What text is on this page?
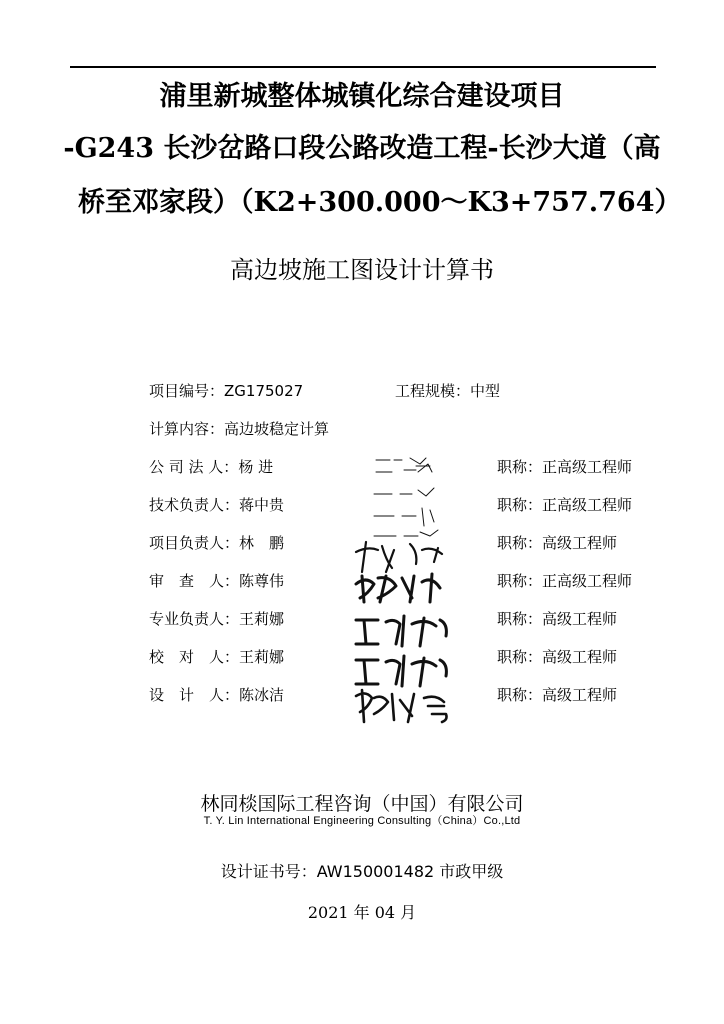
浦里新城整体城镇化综合建设项目
-G243 长沙岔路口段公路改造工程-长沙大道（高
桥至邓家段）（K2+300.000～K3+757.764）
高边坡施工图设计计算书
项目编号：ZG175027	工程规模：中型
计算内容：高边坡稳定计算
公 司 法 人：杨 进	职称：正高级工程师
技术负责人：蒋中贵	职称：正高级工程师
项目负责人：林　鹏	职称：高级工程师
审　查　人：陈尊伟	职称：正高级工程师
专业负责人：王莉娜	职称：高级工程师
校　对　人：王莉娜	职称：高级工程师
设　计　人：陈冰洁	职称：高级工程师
林同棪国际工程咨询（中国）有限公司
T. Y. Lin International Engineering Consulting（China）Co.,Ltd
设计证书号：AW150001482 市政甲级
2021 年 04 月
